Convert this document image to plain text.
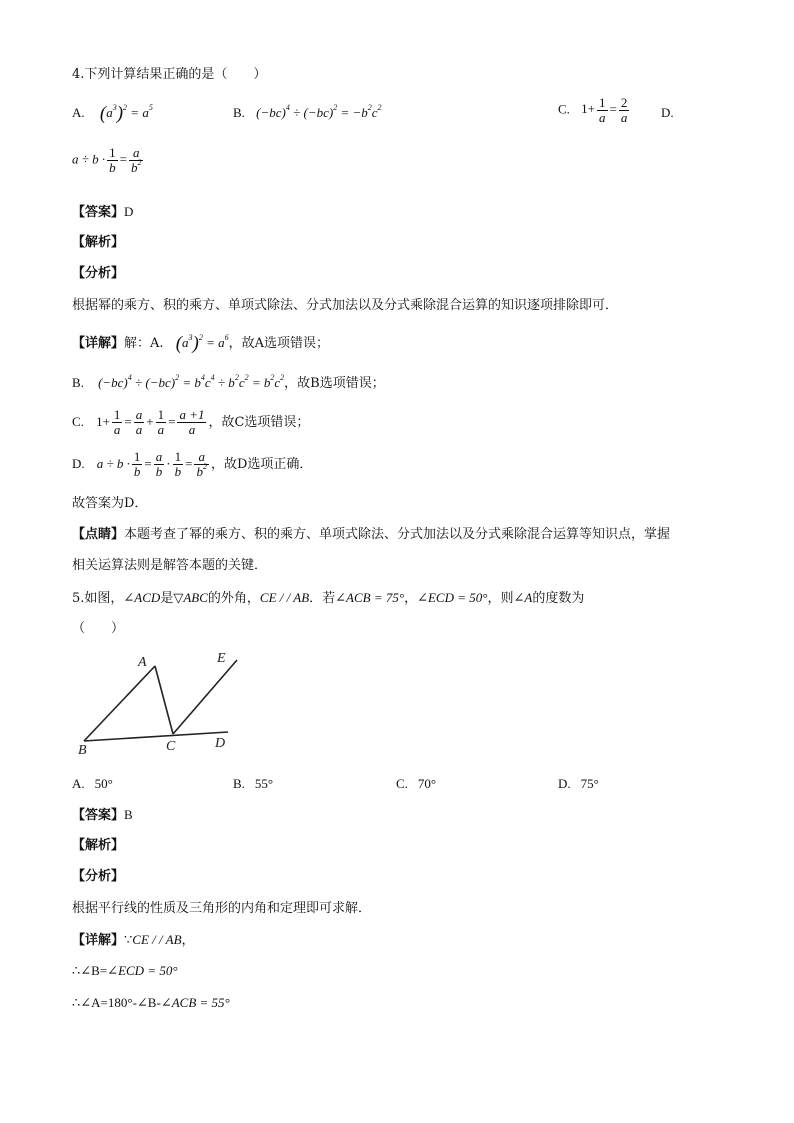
4.下列计算结果正确的是（　　）
A. $(a^3)^2 = a^5$	B. $(-bc)^4 \div (-bc)^2 = -b^2c^2$	C. $1+ \frac{1}{a} = \frac{2}{a} D$.
$a \div b \cdot \frac{1}{b} = \frac{a}{b^2}$
【答案】D
【解析】
【分析】
根据幂的乘方、积的乘方、单项式除法、分式加法以及分式乘除混合运算的知识逐项排除即可．
【详解】解：A. $(a^3)^2 = a^6$，故A选项错误；
B. $(-bc)^4 \div (-bc)^2 = b^4c^4 \div b^2c^2 = b^2c^2$，故B选项错误；
C. $1+ \frac{1}{a} = \frac{a}{a} + \frac{1}{a} = \frac{a +1}{a}$ ，故C选项错误；
D. $a \div b \cdot \frac{1}{b} = \frac{a}{b} \cdot \frac{1}{b} = \frac{a}{b^2}$ ，故D选项正确．
故答案为D．
【点睛】本题考查了幂的乘方、积的乘方、单项式除法、分式加法以及分式乘除混合运算等知识点，掌握
相关运算法则是解答本题的关键．
5.如图，∠ACD是▽ABC的外角，CE / / AB．若∠ACB = 75°，∠ECD = 50°，则∠A的度数为
（　　）
A
B	C	D
E
A. 50°	B. 55°	C. 70°	D. 75°
【答案】B
【解析】
【分析】
根据平行线的性质及三角形的内角和定理即可求解．
【详解】∵CE / / AB，
∴∠B=∠ECD = 50°
∴∠A=180°-∠B-∠ACB = 55°
